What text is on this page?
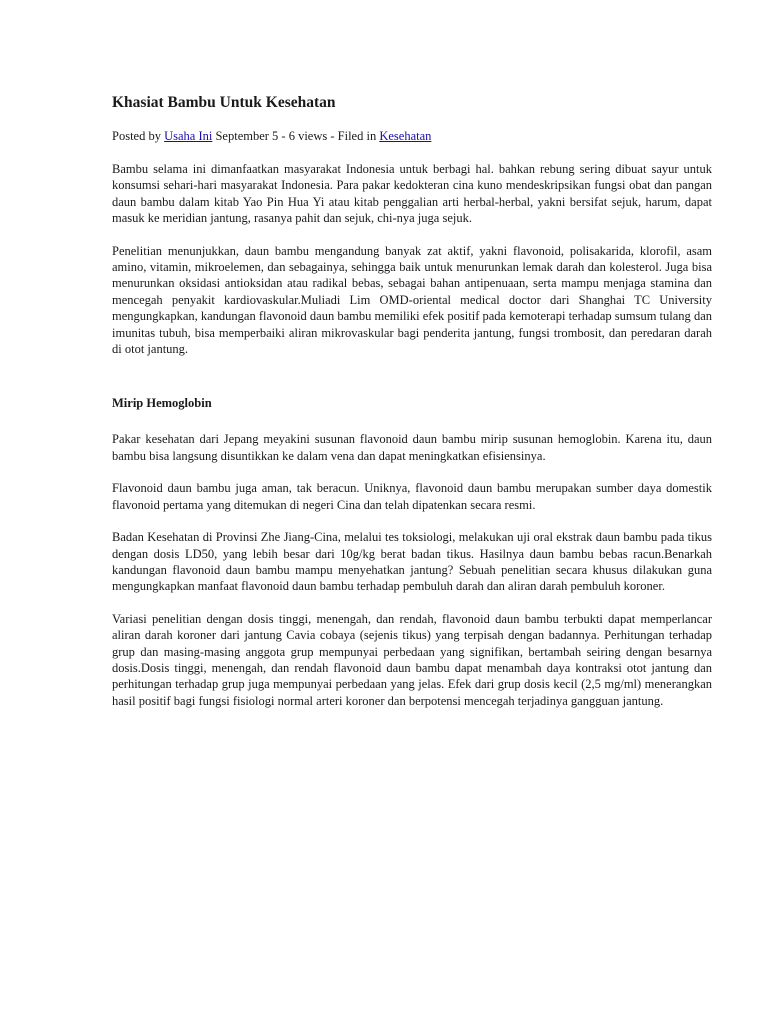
Khasiat Bambu Untuk Kesehatan
Posted by Usaha Ini September 5 - 6 views - Filed in Kesehatan

Bambu selama ini dimanfaatkan masyarakat Indonesia untuk berbagi hal. bahkan rebung sering dibuat sayur untuk konsumsi sehari-hari masyarakat Indonesia. Para pakar kedokteran cina kuno mendeskripsikan fungsi obat dan pangan daun bambu dalam kitab Yao Pin Hua Yi atau kitab penggalian arti herbal-herbal, yakni bersifat sejuk, harum, dapat masuk ke meridian jantung, rasanya pahit dan sejuk, chi-nya juga sejuk.

Penelitian menunjukkan, daun bambu mengandung banyak zat aktif, yakni flavonoid, polisakarida, klorofil, asam amino, vitamin, mikroelemen, dan sebagainya, sehingga baik untuk menurunkan lemak darah dan kolesterol. Juga bisa menurunkan oksidasi antioksidan atau radikal bebas, sebagai bahan antipenuaan, serta mampu menjaga stamina dan mencegah penyakit kardiovaskular.Muliadi Lim OMD-oriental medical doctor dari Shanghai TC University mengungkapkan, kandungan flavonoid daun bambu memiliki efek positif pada kemoterapi terhadap sumsum tulang dan imunitas tubuh, bisa memperbaiki aliran mikrovaskular bagi penderita jantung, fungsi trombosit, dan peredaran darah di otot jantung.

Mirip Hemoglobin

Pakar kesehatan dari Jepang meyakini susunan flavonoid daun bambu mirip susunan hemoglobin. Karena itu, daun bambu bisa langsung disuntikkan ke dalam vena dan dapat meningkatkan efisiensinya.

Flavonoid daun bambu juga aman, tak beracun. Uniknya, flavonoid daun bambu merupakan sumber daya domestik flavonoid pertama yang ditemukan di negeri Cina dan telah dipatenkan secara resmi.

Badan Kesehatan di Provinsi Zhe Jiang-Cina, melalui tes toksiologi, melakukan uji oral ekstrak daun bambu pada tikus dengan dosis LD50, yang lebih besar dari 10g/kg berat badan tikus. Hasilnya daun bambu bebas racun.Benarkah kandungan flavonoid daun bambu mampu menyehatkan jantung? Sebuah penelitian secara khusus dilakukan guna mengungkapkan manfaat flavonoid daun bambu terhadap pembuluh darah dan aliran darah pembuluh koroner.

Variasi penelitian dengan dosis tinggi, menengah, dan rendah, flavonoid daun bambu terbukti dapat memperlancar aliran darah koroner dari jantung Cavia cobaya (sejenis tikus) yang terpisah dengan badannya. Perhitungan terhadap grup dan masing-masing anggota grup mempunyai perbedaan yang signifikan, bertambah seiring dengan besarnya dosis.Dosis tinggi, menengah, dan rendah flavonoid daun bambu dapat menambah daya kontraksi otot jantung dan perhitungan terhadap grup juga mempunyai perbedaan yang jelas. Efek dari grup dosis kecil (2,5 mg/ml) menerangkan hasil positif bagi fungsi fisiologi normal arteri koroner dan berpotensi mencegah terjadinya gangguan jantung.
